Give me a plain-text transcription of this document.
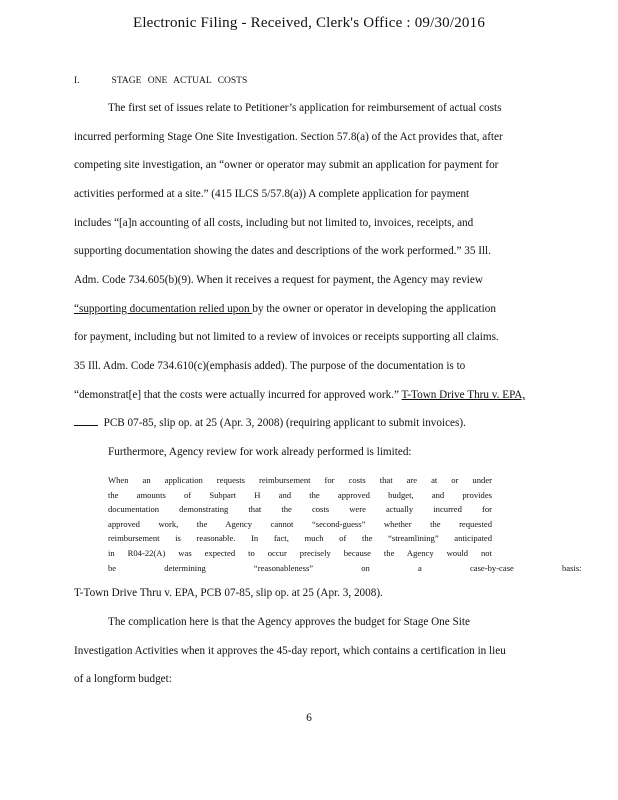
Electronic Filing - Received, Clerk's Office : 09/30/2016
I.	STAGE ONE ACTUAL COSTS
The first set of issues relate to Petitioner’s application for reimbursement of actual costs
incurred performing Stage One Site Investigation. Section 57.8(a) of the Act provides that, after
competing site investigation, an “owner or operator may submit an application for payment for
activities performed at a site.” (415 ILCS 5/57.8(a)) A complete application for payment
includes “[a]n accounting of all costs, including but not limited to, invoices, receipts, and
supporting documentation showing the dates and descriptions of the work performed.” 35 Ill.
Adm. Code 734.605(b)(9). When it receives a request for payment, the Agency may review
“supporting documentation relied upon by the owner or operator in developing the application
for payment, including but not limited to a review of invoices or receipts supporting all claims.
35 Ill. Adm. Code 734.610(c)(emphasis added). The purpose of the documentation is to
“demonstrat[e] that the costs were actually incurred for approved work.” T-Town Drive Thru v. EPA,
PCB 07-85, slip op. at 25 (Apr. 3, 2008) (requiring applicant to submit invoices).
Furthermore, Agency review for work already performed is limited:
When an application requests reimbursement for costs that are at or under
the amounts of Subpart H and the approved budget, and provides
documentation demonstrating that the costs were actually incurred for
approved work, the Agency cannot “second-guess” whether the requested
reimbursement is reasonable. In fact, much of the “streamlining” anticipated
in R04-22(A) was expected to occur precisely because the Agency would not
be determining “reasonableness” on a case-by-case basis:
T-Town Drive Thru v. EPA, PCB 07-85, slip op. at 25 (Apr. 3, 2008).
The complication here is that the Agency approves the budget for Stage One Site
Investigation Activities when it approves the 45-day report, which contains a certification in lieu
of a longform budget:
6
